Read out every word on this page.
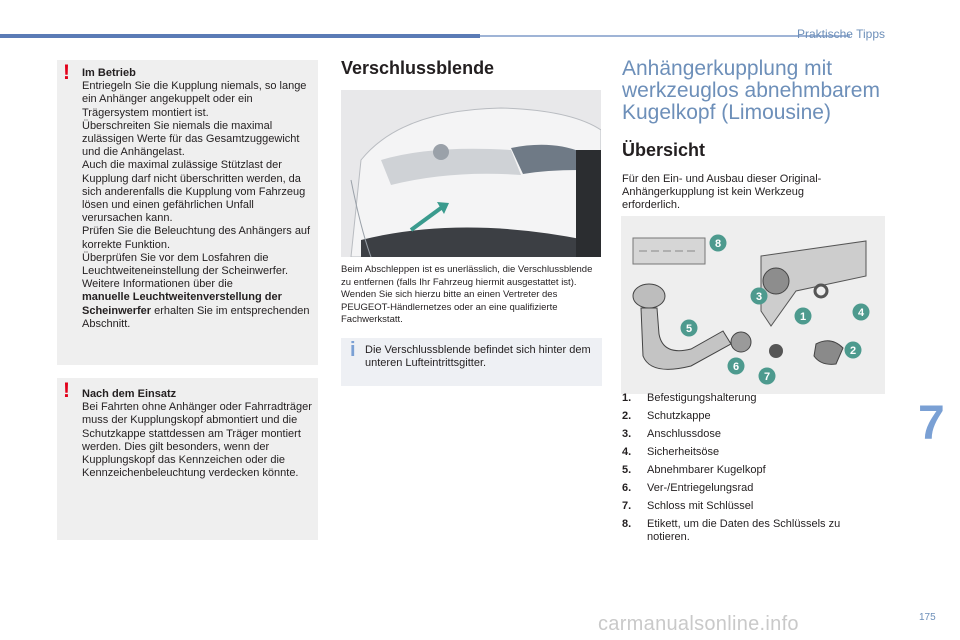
Praktische Tipps
! Im Betrieb
Entriegeln Sie die Kupplung niemals, so lange ein Anhänger angekuppelt oder ein Trägersystem montiert ist.
Überschreiten Sie niemals die maximal zulässigen Werte für das Gesamtzuggewicht und die Anhängelast.
Auch die maximal zulässige Stützlast der Kupplung darf nicht überschritten werden, da sich anderenfalls die Kupplung vom Fahrzeug lösen und einen gefährlichen Unfall verursachen kann.
Prüfen Sie die Beleuchtung des Anhängers auf korrekte Funktion.
Überprüfen Sie vor dem Losfahren die Leuchtweiteneinstellung der Scheinwerfer.
Weitere Informationen über die
manuelle Leuchtweitenverstellung der Scheinwerfer erhalten Sie im entsprechenden Abschnitt.
! Nach dem Einsatz
Bei Fahrten ohne Anhänger oder Fahrradträger muss der Kupplungskopf abmontiert und die Schutzkappe stattdessen am Träger montiert werden. Dies gilt besonders, wenn der Kupplungskopf das Kennzeichen oder die Kennzeichenbeleuchtung verdecken könnte.
Verschlussblende
Beim Abschleppen ist es unerlässlich, die Verschlussblende zu entfernen (falls Ihr Fahrzeug hiermit ausgestattet ist). Wenden Sie sich hierzu bitte an einen Vertreter des PEUGEOT-Händlernetzes oder an eine qualifizierte Fachwerkstatt.
i Die Verschlussblende befindet sich hinter dem unteren Lufteintrittsgitter.
Anhängerkupplung mit werkzeuglos abnehmbarem Kugelkopf (Limousine)
Übersicht
Für den Ein- und Ausbau dieser Original-Anhängerkupplung ist kein Werkzeug erforderlich.
1
2
3
4
5
6
7
8
1.	Befestigungshalterung
2.	Schutzkappe
3.	Anschlussdose
4.	Sicherheitsöse
5.	Abnehmbarer Kugelkopf
6.	Ver-/Entriegelungsrad
7.	Schloss mit Schlüssel
8.	Etikett, um die Daten des Schlüssels zu notieren.
7
175
carmanualsonline.info
